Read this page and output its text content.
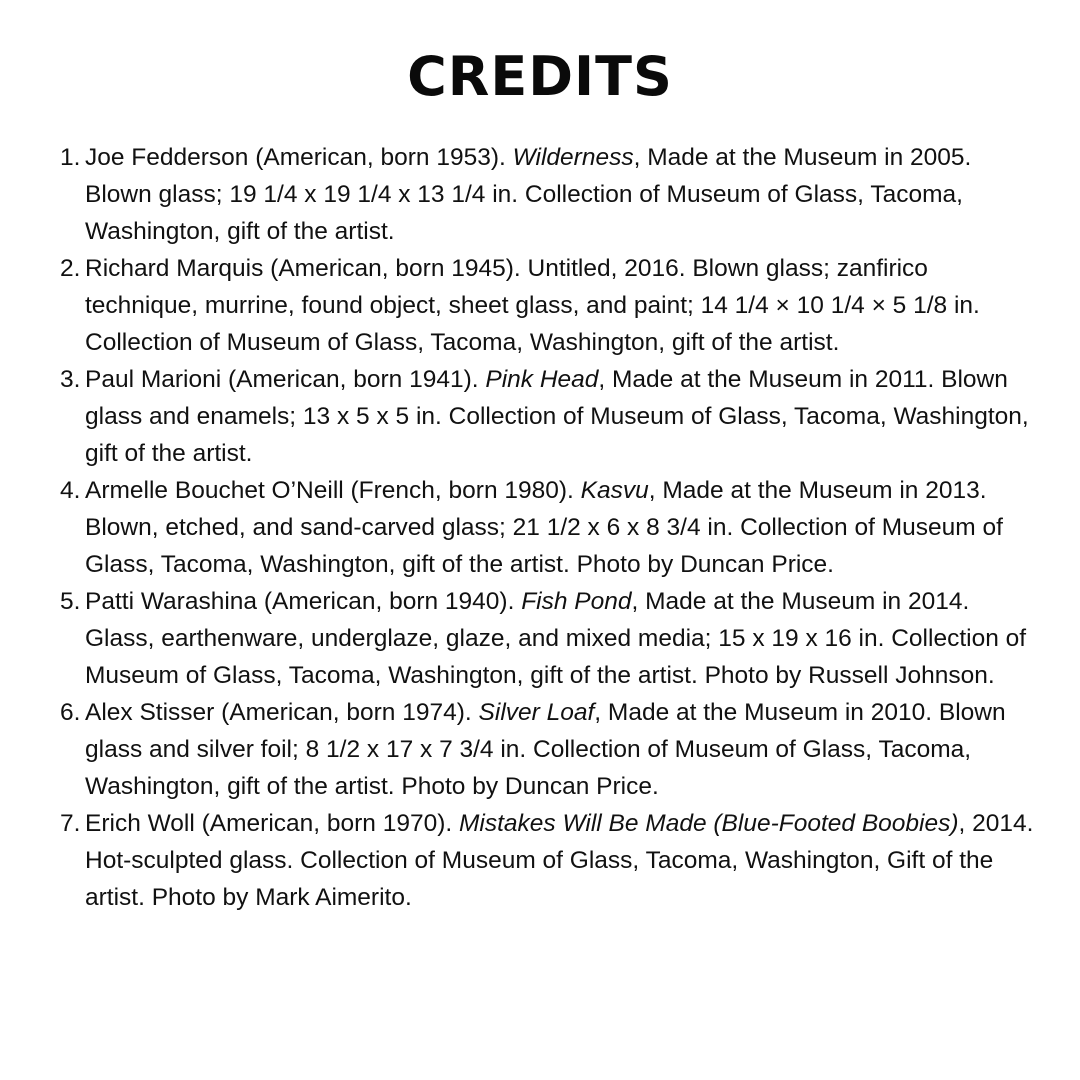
CREDITS
1. Joe Fedderson (American, born 1953). Wilderness, Made at the Museum in 2005. Blown glass; 19 1/4 x 19 1/4 x 13 1/4 in. Collection of Museum of Glass, Tacoma, Washington, gift of the artist.
2. Richard Marquis (American, born 1945). Untitled, 2016. Blown glass; zanfirico technique, murrine, found object, sheet glass, and paint; 14 1/4 × 10 1/4 × 5 1/8 in. Collection of Museum of Glass, Tacoma, Washington, gift of the artist.
3. Paul Marioni (American, born 1941). Pink Head, Made at the Museum in 2011. Blown glass and enamels; 13 x 5 x 5 in. Collection of Museum of Glass, Tacoma, Washington, gift of the artist.
4. Armelle Bouchet O’Neill (French, born 1980). Kasvu, Made at the Museum in 2013. Blown, etched, and sand-carved glass; 21 1/2 x 6 x 8 3/4 in. Collection of Museum of Glass, Tacoma, Washington, gift of the artist. Photo by Duncan Price.
5. Patti Warashina (American, born 1940). Fish Pond, Made at the Museum in 2014. Glass, earthenware, underglaze, glaze, and mixed media; 15 x 19 x 16 in. Collection of Museum of Glass, Tacoma, Washington, gift of the artist. Photo by Russell Johnson.
6. Alex Stisser (American, born 1974). Silver Loaf, Made at the Museum in 2010. Blown glass and silver foil; 8 1/2 x 17 x 7 3/4 in. Collection of Museum of Glass, Tacoma, Washington, gift of the artist. Photo by Duncan Price.
7. Erich Woll (American, born 1970). Mistakes Will Be Made (Blue-Footed Boobies), 2014. Hot-sculpted glass. Collection of Museum of Glass, Tacoma, Washington, Gift of the artist. Photo by Mark Aimerito.
